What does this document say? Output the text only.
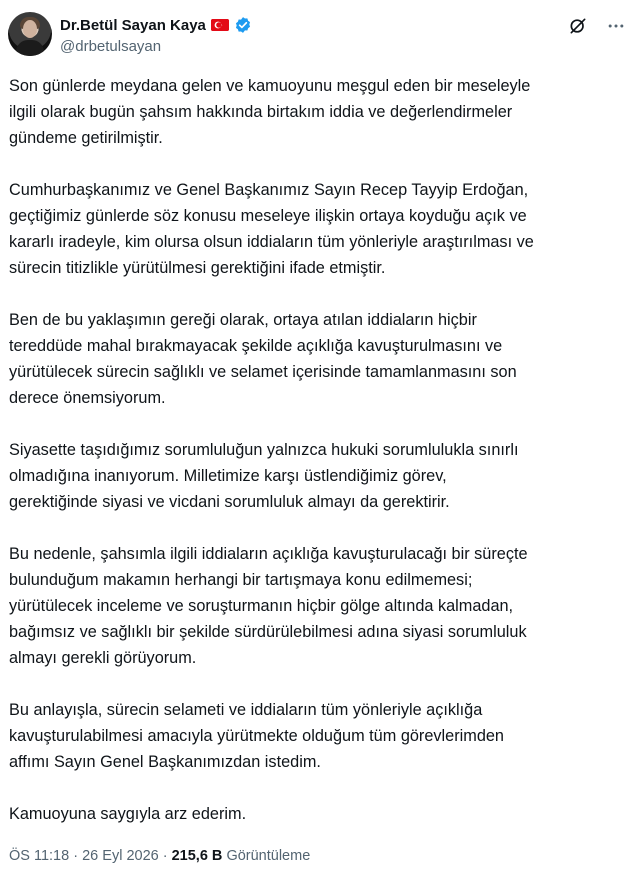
Dr.Betül Sayan Kaya
@drbetulsayan

Son günlerde meydana gelen ve kamuoyunu meşgul eden bir meseleyle
ilgili olarak bugün şahsım hakkında birtakım iddia ve değerlendirmeler
gündeme getirilmiştir.

Cumhurbaşkanımız ve Genel Başkanımız Sayın Recep Tayyip Erdoğan,
geçtiğimiz günlerde söz konusu meseleye ilişkin ortaya koyduğu açık ve
kararlı iradeyle, kim olursa olsun iddiaların tüm yönleriyle araştırılması ve
sürecin titizlikle yürütülmesi gerektiğini ifade etmiştir.

Ben de bu yaklaşımın gereği olarak, ortaya atılan iddiaların hiçbir
tereddüde mahal bırakmayacak şekilde açıklığa kavuşturulmasını ve
yürütülecek sürecin sağlıklı ve selamet içerisinde tamamlanmasını son
derece önemsiyorum.

Siyasette taşıdığımız sorumluluğun yalnızca hukuki sorumlulukla sınırlı
olmadığına inanıyorum. Milletimize karşı üstlendiğimiz görev,
gerektiğinde siyasi ve vicdani sorumluluk almayı da gerektirir.

Bu nedenle, şahsımla ilgili iddiaların açıklığa kavuşturulacağı bir süreçte
bulunduğum makamın herhangi bir tartışmaya konu edilmemesi;
yürütülecek inceleme ve soruşturmanın hiçbir gölge altında kalmadan,
bağımsız ve sağlıklı bir şekilde sürdürülebilmesi adına siyasi sorumluluk
almayı gerekli görüyorum.

Bu anlayışla, sürecin selameti ve iddiaların tüm yönleriyle açıklığa
kavuşturulabilmesi amacıyla yürütmekte olduğum tüm görevlerimden
affımı Sayın Genel Başkanımızdan istedim.

Kamuoyuna saygıyla arz ederim.

ÖS 11:18 · 26 Eyl 2026 · 215,6 B Görüntüleme
